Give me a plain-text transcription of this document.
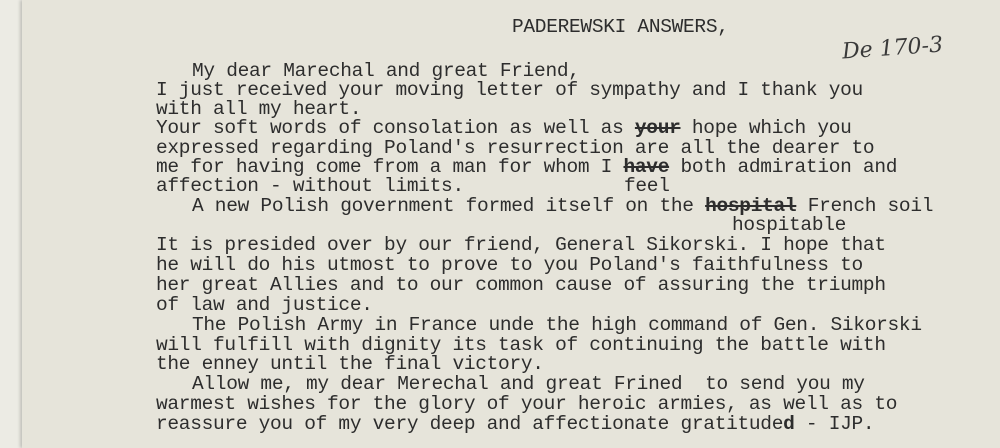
PADEREWSKI ANSWERS,
De 170-3
My dear Marechal and great Friend,
I just received your moving letter of sympathy and I thank you
with all my heart.
Your soft words of consolation as well as your hope which you
expressed regarding Poland's resurrection are all the dearer to
me for having come from a man for whom I have both admiration and
affection - without limits.	feel
A new Polish government formed itself on the hospital French soil
hospitable
It is presided over by our friend, General Sikorski. I hope that
he will do his utmost to prove to you Poland's faithfulness to
her great Allies and to our common cause of assuring the triumph
of law and justice.
The Polish Army in France unde the high command of Gen. Sikorski
will fulfill with dignity its task of continuing the battle with
the enney until the final victory.
Allow me, my dear Merechal and great Frined  to send you my
warmest wishes for the glory of your heroic armies, as well as to
reassure you of my very deep and affectionate gratituded - IJP.
